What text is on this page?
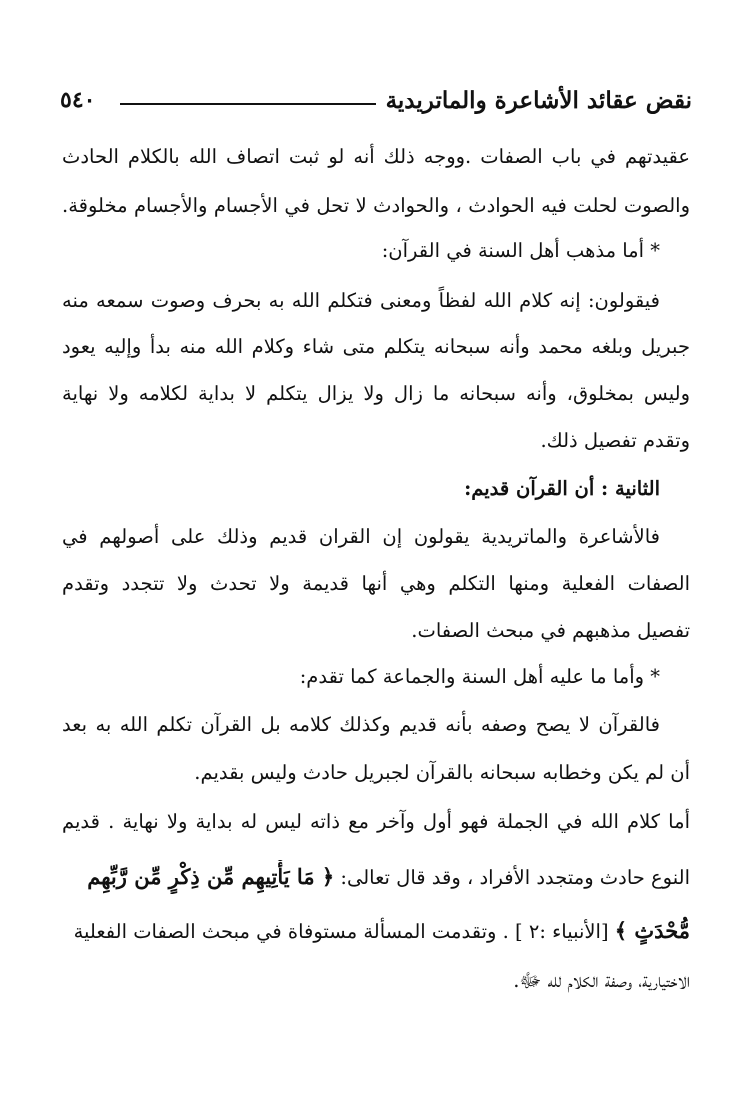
نقض عقائد الأشاعرة والماتريدية
٥٤٠
عقيدتهم في باب الصفات .ووجه ذلك أنه لو ثبت اتصاف الله بالكلام الحادث
والصوت لحلت فيه الحوادث ، والحوادث لا تحل في الأجسام والأجسام مخلوقة.
* أما مذهب أهل السنة في القرآن:
فيقولون: إنه كلام الله لفظاً ومعنى فتكلم الله به بحرف وصوت سمعه منه
جبريل وبلغه محمد وأنه سبحانه يتكلم متى شاء وكلام الله منه بدأ وإليه يعود
وليس بمخلوق، وأنه سبحانه ما زال ولا يزال يتكلم لا بداية لكلامه ولا نهاية
وتقدم تفصيل ذلك.
الثانية : أن القرآن قديم:
فالأشاعرة والماتريدية يقولون إن القران قديم وذلك على أصولهم في
الصفات الفعلية ومنها التكلم وهي أنها قديمة ولا تحدث ولا تتجدد وتقدم
تفصيل مذهبهم في مبحث الصفات.
* وأما ما عليه أهل السنة والجماعة كما تقدم:
فالقرآن لا يصح وصفه بأنه قديم وكذلك كلامه بل القرآن تكلم الله به بعد
أن لم يكن وخطابه سبحانه بالقرآن لجبريل حادث وليس بقديم.
أما كلام الله في الجملة فهو أول وآخر مع ذاته ليس له بداية ولا نهاية . قديم
النوع حادث ومتجدد الأفراد ، وقد قال تعالى: ﴿ مَا يَأْتِيهِم مِّن ذِكْرٍ مِّن رَّبِّهِم
مُّحْدَثٍ ﴾ [الأنبياء :٢ ] . وتقدمت المسألة مستوفاة في مبحث الصفات الفعلية
الاختيارية، وصفة الكلام لله ﷻ.
